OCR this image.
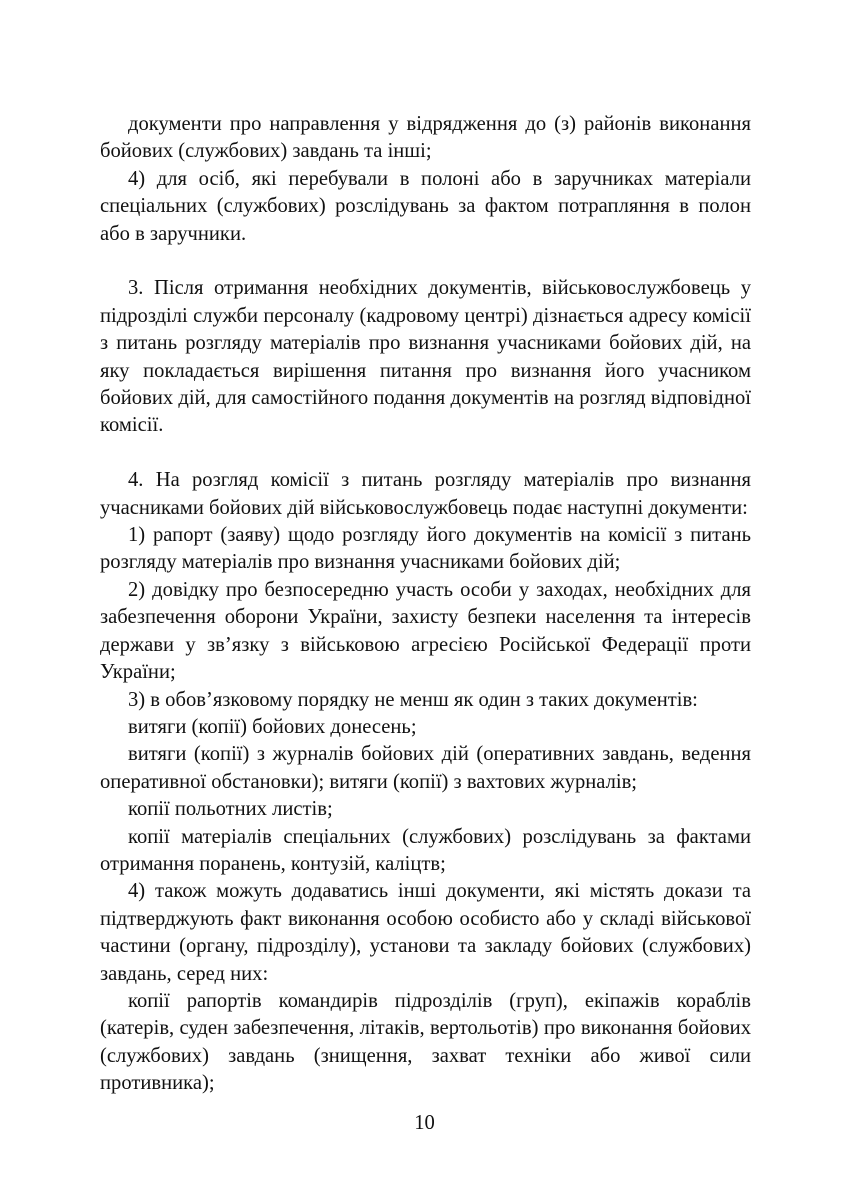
документи про направлення у відрядження до (з) районів виконання бойових (службових) завдань та інші;

4) для осіб, які перебували в полоні або в заручниках матеріали спеціальних (службових) розслідувань за фактом потрапляння в полон або в заручники.

3. Після отримання необхідних документів, військовослужбовець у підрозділі служби персоналу (кадровому центрі) дізнається адресу комісії з питань розгляду матеріалів про визнання учасниками бойових дій, на яку покладається вирішення питання про визнання його учасником бойових дій, для самостійного подання документів на розгляд відповідної комісії.

4. На розгляд комісії з питань розгляду матеріалів про визнання учасниками бойових дій військовослужбовець подає наступні документи:

1) рапорт (заяву) щодо розгляду його документів на комісії з питань розгляду матеріалів про визнання учасниками бойових дій;

2) довідку про безпосередню участь особи у заходах, необхідних для забезпечення оборони України, захисту безпеки населення та інтересів держави у зв’язку з військовою агресією Російської Федерації проти України;

3) в обов’язковому порядку не менш як один з таких документів:

витяги (копії) бойових донесень;

витяги (копії) з журналів бойових дій (оперативних завдань, ведення оперативної обстановки); витяги (копії) з вахтових журналів;

копії польотних листів;

копії матеріалів спеціальних (службових) розслідувань за фактами отримання поранень, контузій, каліцтв;

4) також можуть додаватись інші документи, які містять докази та підтверджують факт виконання особою особисто або у складі військової частини (органу, підрозділу), установи та закладу бойових (службових) завдань, серед них:

копії рапортів командирів підрозділів (груп), екіпажів кораблів (катерів, суден забезпечення, літаків, вертольотів) про виконання бойових (службових) завдань (знищення, захват техніки або живої сили противника);

10
